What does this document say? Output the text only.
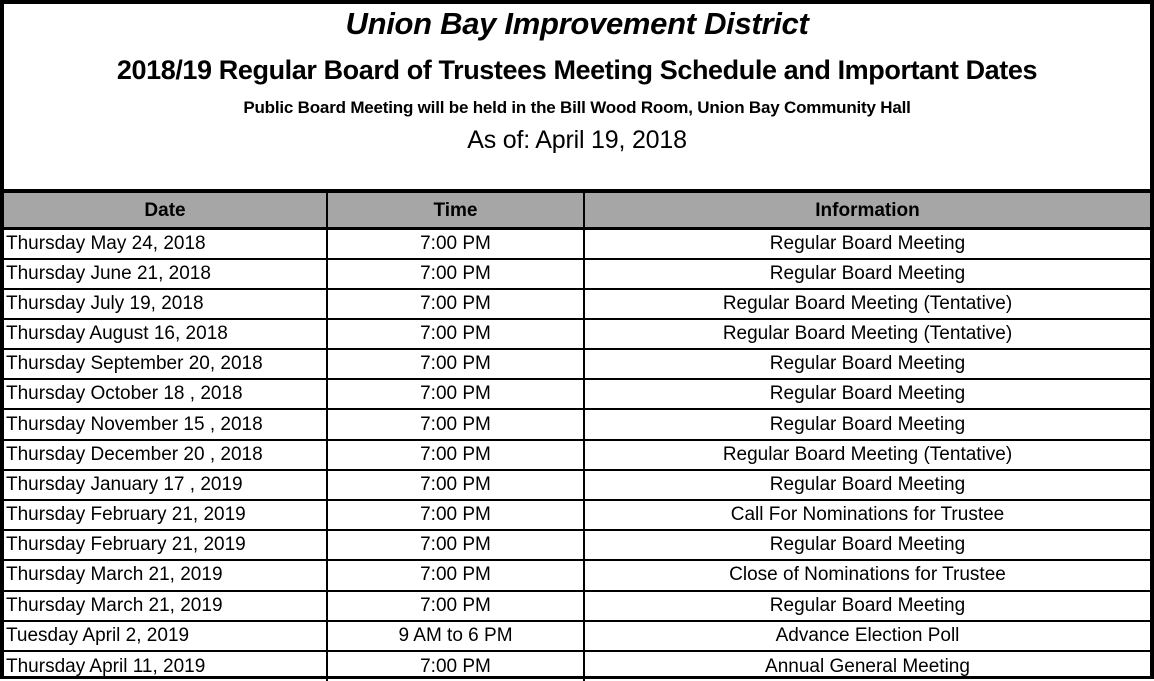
Union Bay Improvement District
2018/19 Regular Board of Trustees Meeting Schedule and Important Dates
Public Board Meeting will be held in the Bill Wood Room, Union Bay Community Hall
As of: April 19, 2018
Date	Time	Information
Thursday May 24, 2018	7:00 PM	Regular Board Meeting
Thursday June 21, 2018	7:00 PM	Regular Board Meeting
Thursday July 19, 2018	7:00 PM	Regular Board Meeting (Tentative)
Thursday August 16, 2018	7:00 PM	Regular Board Meeting (Tentative)
Thursday September 20, 2018	7:00 PM	Regular Board Meeting
Thursday October 18 , 2018	7:00 PM	Regular Board Meeting
Thursday November 15 , 2018	7:00 PM	Regular Board Meeting
Thursday December 20 , 2018	7:00 PM	Regular Board Meeting (Tentative)
Thursday January 17 , 2019	7:00 PM	Regular Board Meeting
Thursday February 21, 2019	7:00 PM	Call For Nominations for Trustee
Thursday February 21, 2019	7:00 PM	Regular Board Meeting
Thursday March 21, 2019	7:00 PM	Close of Nominations for Trustee
Thursday March 21, 2019	7:00 PM	Regular Board Meeting
Tuesday April 2, 2019	9 AM to 6 PM	Advance Election Poll
Thursday April 11, 2019	7:00 PM	Annual General Meeting
